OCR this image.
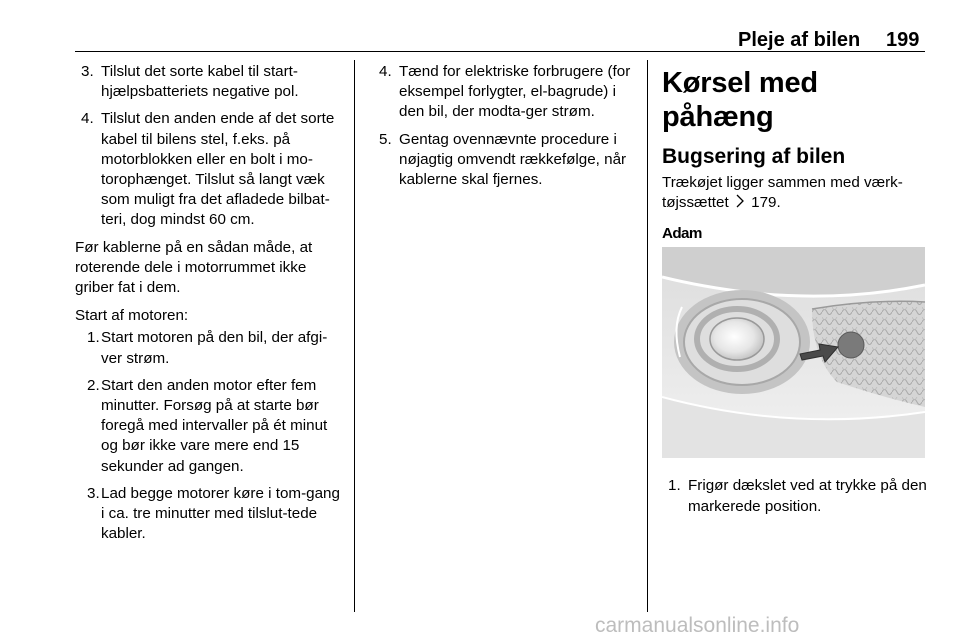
Pleje af bilen 199
3. Tilslut det sorte kabel til start-hjælpsbatteriets negative pol.
4. Tilslut den anden ende af det sorte kabel til bilens stel, f.eks. på motorblokken eller en bolt i mo-torophænget. Tilslut så langt væk som muligt fra det afladede bilbat-teri, dog mindst 60 cm.

Før kablerne på en sådan måde, at roterende dele i motorrummet ikke griber fat i dem.

Start af motoren:

1. Start motoren på den bil, der afgi-ver strøm.
2. Start den anden motor efter fem minutter. Forsøg på at starte bør foregå med intervaller på ét minut og bør ikke vare mere end 15 sekunder ad gangen.
3. Lad begge motorer køre i tom-gang i ca. tre minutter med tilslut-tede kabler.
4. Tænd for elektriske forbrugere (for eksempel forlygter, el-bagrude) i den bil, der modta-ger strøm.
5. Gentag ovennævnte procedure i nøjagtig omvendt rækkefølge, når kablerne skal fjernes.
Kørsel med påhæng
Bugsering af bilen

Trækøjet ligger sammen med værk-tøjssættet 179.

Adam
1. Frigør dækslet ved at trykke på den markerede position.
carmanualsonline.info
